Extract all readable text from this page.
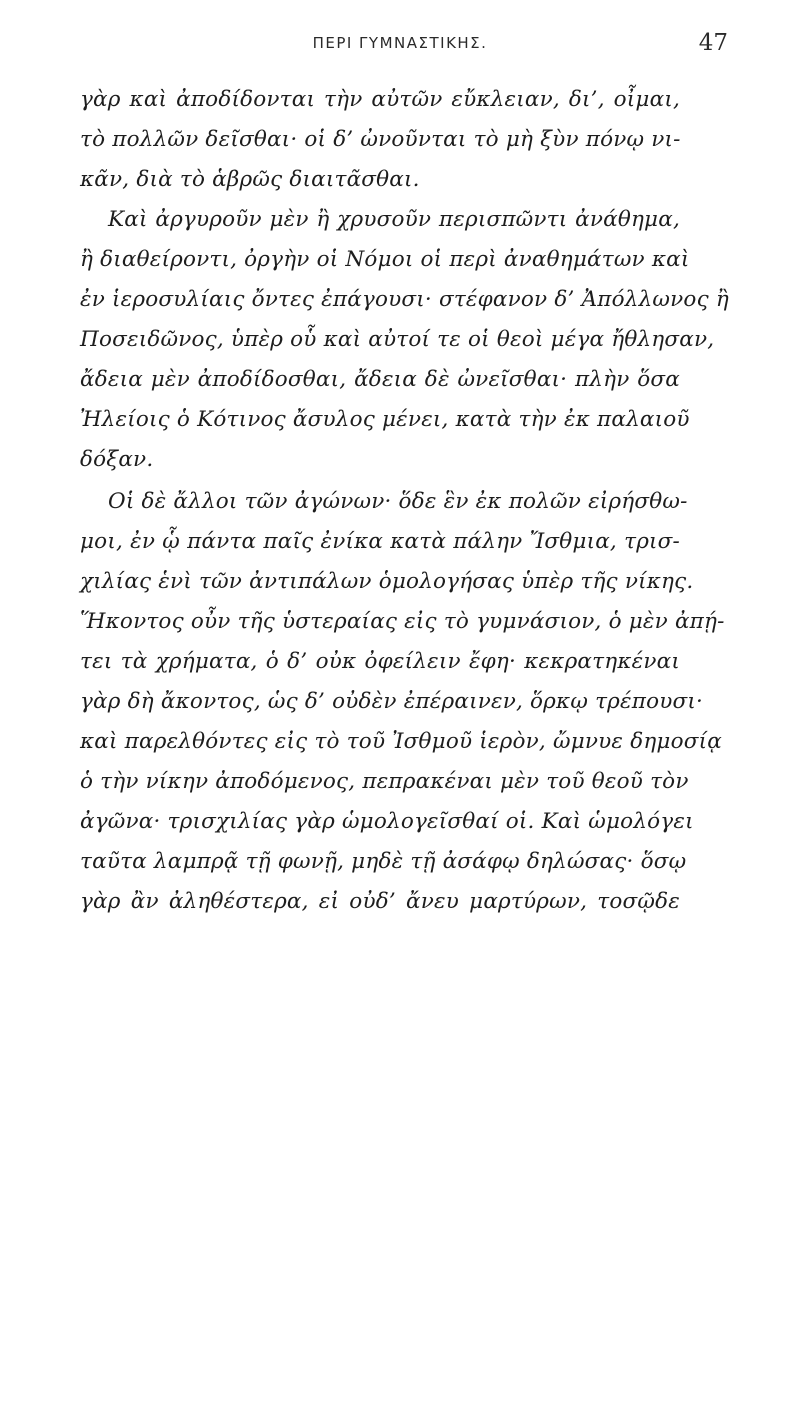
ΠΕΡΙ ΓΥΜΝΑΣΤΙΚΗΣ.	47
γὰρ καὶ ἀποδίδονται τὴν αὐτῶν εὔκλειαν, δι’, οἶμαι,
τὸ πολλῶν δεῖσθαι· οἱ δ’ ὠνοῦνται τὸ μὴ ξὺν πόνῳ νι-
κᾶν, διὰ τὸ ἁβρῶς διαιτᾶσθαι.
Καὶ ἀργυροῦν μὲν ἢ χρυσοῦν περισπῶντι ἀνάθημα,
ἢ διαθείροντι, ὀργὴν οἱ Νόμοι οἱ περὶ ἀναθημάτων καὶ
ἐν ἱεροσυλίαις ὄντες ἐπάγουσι· στέφανον δ’ Ἀπόλλωνος ἢ
Ποσειδῶνος, ὑπὲρ οὗ καὶ αὐτοί τε οἱ θεοὶ μέγα ἤθλησαν,
ἄδεια μὲν ἀποδίδοσθαι, ἄδεια δὲ ὠνεῖσθαι· πλὴν ὅσα
Ἠλείοις ὁ Κότινος ἄσυλος μένει, κατὰ τὴν ἐκ παλαιοῦ
δόξαν.
Οἱ δὲ ἄλλοι τῶν ἀγώνων· ὅδε ἓν ἐκ πολῶν εἰρήσθω-
μοι, ἐν ᾧ πάντα παῖς ἐνίκα κατὰ πάλην Ἴσθμια, τρισ-
χιλίας ἑνὶ τῶν ἀντιπάλων ὁμολογήσας ὑπὲρ τῆς νίκης.
Ἥκοντος οὖν τῆς ὑστεραίας εἰς τὸ γυμνάσιον, ὁ μὲν ἀπῄ-
τει τὰ χρήματα, ὁ δ’ οὐκ ὀφείλειν ἔφη· κεκρατηκέναι
γὰρ δὴ ἄκοντος, ὡς δ’ οὐδὲν ἐπέραινεν, ὅρκῳ τρέπουσι·
καὶ παρελθόντες εἰς τὸ τοῦ Ἰσθμοῦ ἱερὸν, ὤμνυε δημοσίᾳ
ὁ τὴν νίκην ἀποδόμενος, πεπρακέναι μὲν τοῦ θεοῦ τὸν
ἀγῶνα· τρισχιλίας γὰρ ὡμολογεῖσθαί οἱ. Καὶ ὡμολόγει
ταῦτα λαμπρᾷ τῇ φωνῇ, μηδὲ τῇ ἀσάφῳ δηλώσας· ὅσῳ
γὰρ ἂν ἀληθέστερα, εἰ οὐδ’ ἄνευ μαρτύρων, τοσῷδε
